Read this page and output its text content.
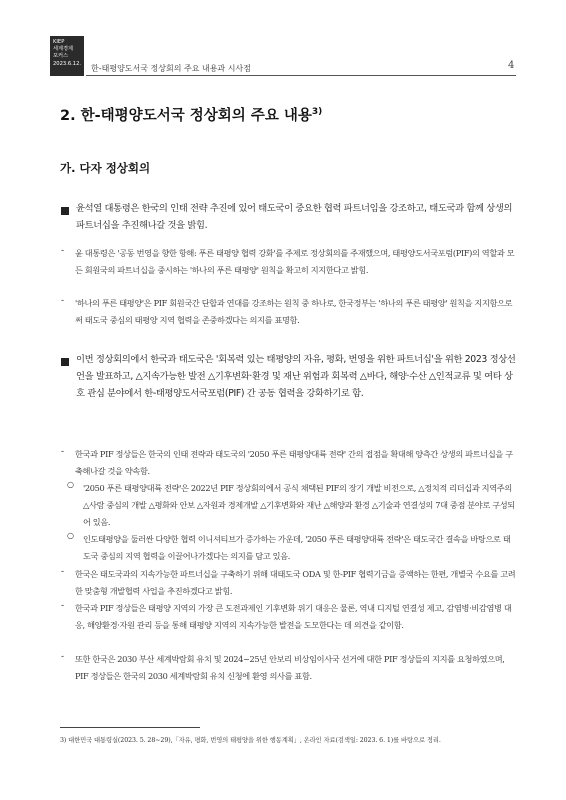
KIEP
세계경제
포커스
2023.6.12.
한-태평양도서국 정상회의 주요 내용과 시사점	4
2. 한-태평양도서국 정상회의 주요 내용$^{3)}$
가. 다자 정상회의
윤석열 대통령은 한국의 인태 전략 추진에 있어 태도국이 중요한 협력 파트너임을 강조하고, 태도국과 함께 상생의 파트너십을 추진해나갈 것을 밝힘.
- 윤 대통령은 '공동 번영을 향한 항해: 푸른 태평양 협력 강화'를 주제로 정상회의를 주재했으며, 태평양도서국포럼(PIF)의 역할과 모든 회원국의 파트너십을 중시하는 '하나의 푸른 태평양' 원칙을 확고히 지지한다고 밝힘.
- '하나의 푸른 태평양'은 PIF 회원국간 단합과 연대를 강조하는 원칙 중 하나로, 한국정부는 '하나의 푸른 태평양' 원칙을 지지함으로써 태도국 중심의 태평양 지역 협력을 존중하겠다는 의지를 표명함.
이번 정상회의에서 한국과 태도국은 '회복력 있는 태평양의 자유, 평화, 번영을 위한 파트너십'을 위한 2023 정상선언을 발표하고, △지속가능한 발전 △기후변화·환경 및 재난 위험과 회복력 △바다, 해양·수산 △인적교류 및 여타 상호 관심 분야에서 한-태평양도서국포럼(PIF) 간 공동 협력을 강화하기로 함.
- 한국과 PIF 정상들은 한국의 인태 전략과 태도국의 '2050 푸른 태평양대륙 전략' 간의 접점을 확대해 양측간 상생의 파트너십을 구축해나갈 것을 약속함.
○ '2050 푸른 태평양대륙 전략'은 2022년 PIF 정상회의에서 공식 채택된 PIF의 장기 개발 비전으로, △정치적 리더십과 지역주의 △사람 중심의 개발 △평화와 안보 △자원과 경제개발 △기후변화와 재난 △해양과 환경 △기술과 연결성의 7대 중점 분야로 구성되어 있음.
○ 인도태평양을 둘러싼 다양한 협력 이니셔티브가 증가하는 가운데, '2050 푸른 태평양대륙 전략'은 태도국간 결속을 바탕으로 태도국 중심의 지역 협력을 이끌어나가겠다는 의지를 담고 있음.
- 한국은 태도국과의 지속가능한 파트너십을 구축하기 위해 대태도국 ODA 및 한-PIF 협력기금을 증액하는 한편, 개별국 수요를 고려한 맞춤형 개발협력 사업을 추진하겠다고 밝힘.
- 한국과 PIF 정상들은 태평양 지역의 가장 큰 도전과제인 기후변화 위기 대응은 물론, 역내 디지털 연결성 제고, 감염병·비감염병 대응, 해양환경·자원 관리 등을 통해 태평양 지역의 지속가능한 발전을 도모한다는 데 의견을 같이함.
- 또한 한국은 2030 부산 세계박람회 유치 및 2024~25년 안보리 비상임이사국 선거에 대한 PIF 정상들의 지지를 요청하였으며, PIF 정상들은 한국의 2030 세계박람회 유치 신청에 환영 의사를 표함.
3) 대한민국 대통령실(2023. 5. 28~29),「자유, 평화, 번영의 태평양을 위한 행동계획」, 온라인 자료(검색일: 2023. 6. 1)를 바탕으로 정리.
